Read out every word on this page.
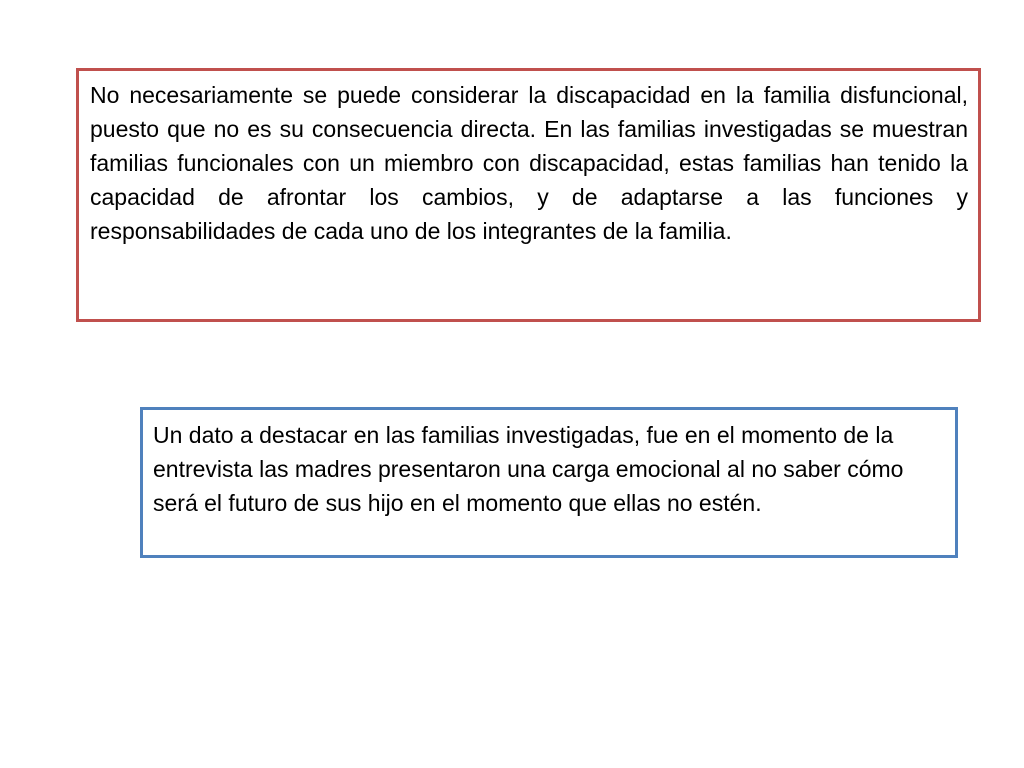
No necesariamente se puede considerar la discapacidad en la familia disfuncional, puesto que no es su consecuencia directa. En las familias investigadas se muestran familias funcionales con un miembro con discapacidad, estas familias han tenido la capacidad de afrontar los cambios, y de adaptarse a las funciones y responsabilidades de cada uno de los integrantes de la familia.

Un dato a destacar en las familias investigadas, fue en el momento de la entrevista las madres presentaron una carga emocional al no saber cómo será el futuro de sus hijo en el momento que ellas no estén.
